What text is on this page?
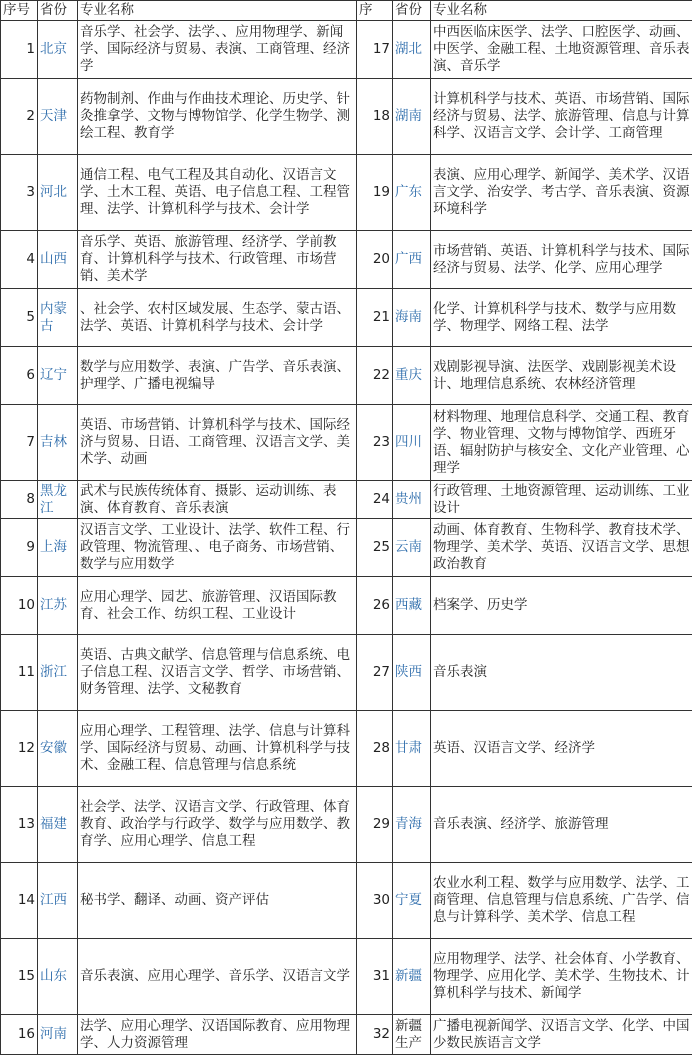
序号	省份	专业名称	序	省份	专业名称
1	北京	音乐学、社会学、法学、、应用物理学、新闻学、国际经济与贸易、表演、工商管理、经济学	17	湖北	中西医临床医学、法学、口腔医学、动画、中医学、金融工程、土地资源管理、音乐表演、音乐学
2	天津	药物制剂、作曲与作曲技术理论、历史学、针灸推拿学、文物与博物馆学、化学生物学、测绘工程、教育学	18	湖南	计算机科学与技术、英语、市场营销、国际经济与贸易、法学、旅游管理、信息与计算科学、汉语言文学、会计学、工商管理
3	河北	通信工程、电气工程及其自动化、汉语言文学、土木工程、英语、电子信息工程、工程管理、法学、计算机科学与技术、会计学	19	广东	表演、应用心理学、新闻学、美术学、汉语言文学、治安学、考古学、音乐表演、资源环境科学
4	山西	音乐学、英语、旅游管理、经济学、学前教育、计算机科学与技术、行政管理、市场营销、美术学	20	广西	市场营销、英语、计算机科学与技术、国际经济与贸易、法学、化学、应用心理学
5	内蒙古	、社会学、农村区域发展、生态学、蒙古语、法学、英语、计算机科学与技术、会计学	21	海南	化学、计算机科学与技术、数学与应用数学、物理学、网络工程、法学
6	辽宁	数学与应用数学、表演、广告学、音乐表演、护理学、广播电视编导	22	重庆	戏剧影视导演、法医学、戏剧影视美术设计、地理信息系统、农林经济管理
7	吉林	英语、市场营销、计算机科学与技术、国际经济与贸易、日语、工商管理、汉语言文学、美术学、动画	23	四川	材料物理、地理信息科学、交通工程、教育学、物业管理、文物与博物馆学、西班牙语、辐射防护与核安全、文化产业管理、心理学
8	黑龙江	武术与民族传统体育、摄影、运动训练、表演、体育教育、音乐表演	24	贵州	行政管理、土地资源管理、运动训练、工业设计
9	上海	汉语言文学、工业设计、法学、软件工程、行政管理、物流管理、、电子商务、市场营销、数学与应用数学	25	云南	动画、体育教育、生物科学、教育技术学、物理学、美术学、英语、汉语言文学、思想政治教育
10	江苏	应用心理学、园艺、旅游管理、汉语国际教育、社会工作、纺织工程、工业设计	26	西藏	档案学、历史学
11	浙江	英语、古典文献学、信息管理与信息系统、电子信息工程、汉语言文学、哲学、市场营销、财务管理、法学、文秘教育	27	陕西	音乐表演
12	安徽	应用心理学、工程管理、法学、信息与计算科学、国际经济与贸易、动画、计算机科学与技术、金融工程、信息管理与信息系统	28	甘肃	英语、汉语言文学、经济学
13	福建	社会学、法学、汉语言文学、行政管理、体育教育、政治学与行政学、数学与应用数学、教育学、应用心理学、信息工程	29	青海	音乐表演、经济学、旅游管理
14	江西	秘书学、翻译、动画、资产评估	30	宁夏	农业水利工程、数学与应用数学、法学、工商管理、信息管理与信息系统、广告学、信息与计算科学、美术学、信息工程
15	山东	音乐表演、应用心理学、音乐学、汉语言文学	31	新疆	应用物理学、法学、社会体育、小学教育、物理学、应用化学、美术学、生物技术、计算机科学与技术、新闻学
16	河南	法学、应用心理学、汉语国际教育、应用物理学、人力资源管理	32	新疆生产	广播电视新闻学、汉语言文学、化学、中国少数民族语言文学
